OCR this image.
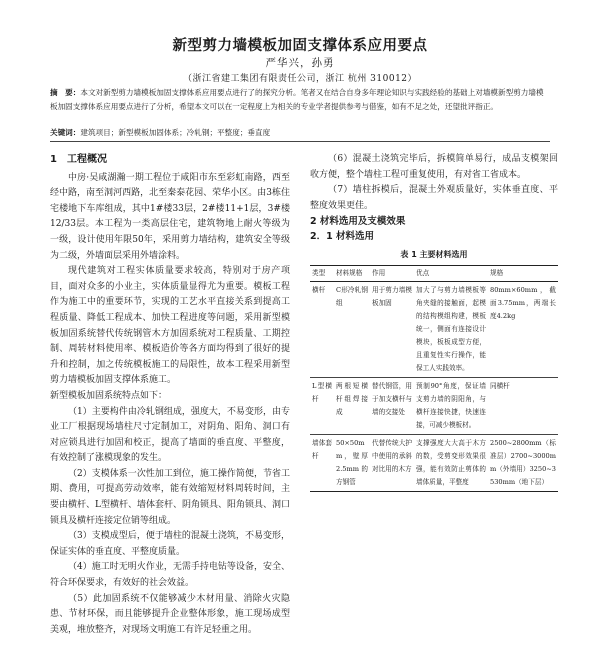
新型剪力墙模板加固支撑体系应用要点
严华兴，孙勇
（浙江省建工集团有限责任公司，浙江 杭州 310012）
摘　要：本文对新型剪力墙模板加固支撑体系应用要点进行了的探究分析。笔者又在结合自身多年理论知识与实践经验的基础上对墙模新型剪力墙模板加固支撑体系应用要点进行了分析，希望本文可以在一定程度上为相关的专业学者提供参考与借鉴，如有不足之处，还望批评指正。
关键词：建筑项目；新型模板加固体系；冷轧钢；平整度；垂直度
1　工程概况

中房·吴咸湖瀚一期工程位于咸阳市东至彩虹南路，西至经中路，南至洞河西路，北至秦泰花园、荣华小区。由3栋住宅楼地下车库组成，其中1#楼33层，2#楼11+1层，3#楼12/33层。本工程为一类高层住宅，建筑物地上耐火等级为一级，设计使用年限50年，采用剪力墙结构，建筑安全等级为二级，外墙面层采用外墙涂料。

现代建筑对工程实体质量要求较高，特别对于房产项目，面对众多的小业主，实体质量显得尤为重要。模板工程作为施工中的重要环节，实现的工艺水平直接关系到提高工程质量、降低工程成本、加快工程进度等问题，采用新型模板加固系统替代传统钢管木方加固系统对工程质量、工期控制、周转材料使用率、模板造价等各方面均得到了很好的提升和控制，加之传统模板施工的局限性，故本工程采用新型剪力墙模板加固支撑体系施工。

新型模板加固系统特点如下：

（1）主要构件由冷轧钢组成，强度大，不易变形，由专业工厂根据现场墙柱尺寸定制加工，对阴角、阳角、洞口有对应锁具进行加固和校正，提高了墙面的垂直度、平整度，有效控制了涨模现象的发生。

（2）支模体系一次性加工到位，施工操作简便，节省工期、费用，可提高劳动效率，能有效缩短材料周转时间，主要由横杆、L型横杆、墙体套杆、阴角锁具、阳角锁具、洞口锁具及横杆连接定位销等组成。

（3）支模成型后，便于墙柱的混凝土浇筑，不易变形，保证实体的垂直度、平整度质量。

（4）施工时无明火作业，无需手持电钻等设备，安全、符合环保要求，有效好的社会效益。

（5）此加固系统不仅能够减少木材用量、消除火灾隐患、节材环保，而且能够提升企业整体形象，施工现场成型美观，堆放整齐，对现场文明施工有许足轻重之用。

（6）混凝土浇筑完毕后，拆模简单易行，成品支模架回收方便，整个墙柱工程可重复使用，有对省工省成本。

（7）墙柱拆模后，混凝土外观质量好，实体垂直度、平整度效果更佳。

2 材料选用及支模效果
2．1 材料选用
表 1 主要材料选用
类型	材料规格	作用	优点	规格
横杆	C形冷轧钢组	用于剪力墙模板加固	加大了与剪力墙模板等角夹缝的接触面，起模的结构模组构建，模板统一，侧面有连接设计模块，板板成型方便，且重复性实行操作，能保工人实践效率。	80mm×60mm，截面3.75mm，两端长度4.2kg
L型横杆	两根短横杆组焊接成	替代钢管，用于加支横杆与墙的交接处	预制90°角度，保证墙支剪力墙的阴阳角，与横杆连接快捷，快速连接，可减少模板材。	同横杆
墙体套杆	50×50mm，壁厚2.5mm的方钢管	代替传统大护中使用的承斜对比用的木方	支撑强度大大高于木方的数，受剪变形效果很强，能有效防止剪体的墙体质量，平整度	2500~2800mm（标准层）2700~3000mm（外墙用）3250~3530mm（地下层）
